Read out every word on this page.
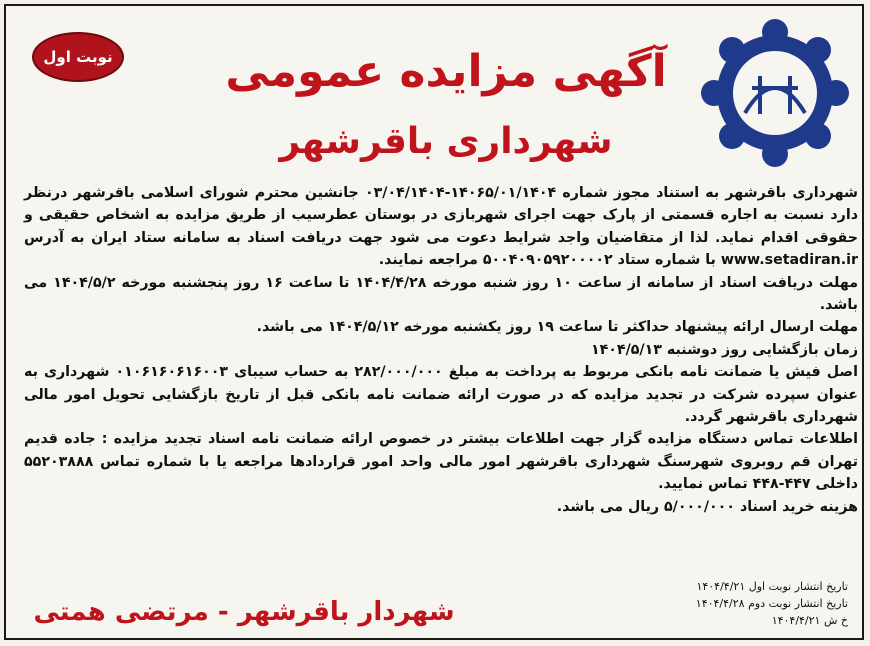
نوبت اول	آگهی مزایده عمومی
شهرداری باقرشهر

شهرداری باقرشهر به استناد مجوز شماره ۱۴۰۶۵/۰۱/۱۴۰۴-۰۳/۰۴/۱۴۰۴ جانشین محترم شورای اسلامی باقرشهر درنظر دارد نسبت به اجاره قسمتی از پارک جهت اجرای شهربازی در بوستان عطرسیب از طریق مزایده به اشخاص حقیقی و حقوقی اقدام نماید. لذا از متقاضیان واجد شرایط دعوت می شود جهت دریافت اسناد به سامانه ستاد ایران به آدرس www.setadiran.ir با شماره ستاد ۵۰۰۴۰۹۰۵۹۲۰۰۰۰۲ مراجعه نمایند.

مهلت دریافت اسناد از سامانه از ساعت ۱۰ روز شنبه مورخه ۱۴۰۴/۴/۲۸ تا ساعت ۱۶ روز پنجشنبه مورخه ۱۴۰۴/۵/۲ می باشد.

مهلت ارسال ارائه پیشنهاد حداکثر تا ساعت ۱۹ روز یکشنبه مورخه ۱۴۰۴/۵/۱۲ می باشد.

زمان بازگشایی روز دوشنبه ۱۴۰۴/۵/۱۳

اصل فیش یا ضمانت نامه بانکی مربوط به پرداخت به مبلغ ۲۸۲/۰۰۰/۰۰۰ به حساب سیبای ۰۱۰۶۱۶۰۶۱۶۰۰۳ شهرداری به عنوان سپرده شرکت در تجدید مزایده که در صورت ارائه ضمانت نامه بانکی قبل از تاریخ بازگشایی تحویل امور مالی شهرداری باقرشهر گردد.

اطلاعات تماس دستگاه مزایده گزار جهت اطلاعات بیشتر در خصوص ارائه ضمانت نامه اسناد تجدید مزایده : جاده قدیم تهران قم روبروی شهرسنگ شهرداری باقرشهر امور مالی واحد امور قراردادها مراجعه یا با شماره تماس ۵۵۲۰۳۸۸۸ داخلی ۴۴۷-۴۴۸ تماس نمایید.

هزینه خرید اسناد ۵/۰۰۰/۰۰۰ ریال می باشد.

تاریخ انتشار نوبت اول ۱۴۰۴/۴/۲۱
تاریخ انتشار نوبت دوم ۱۴۰۴/۴/۲۸
خ ش ۱۴۰۴/۴/۲۱
شهردار باقرشهر - مرتضی همتی
